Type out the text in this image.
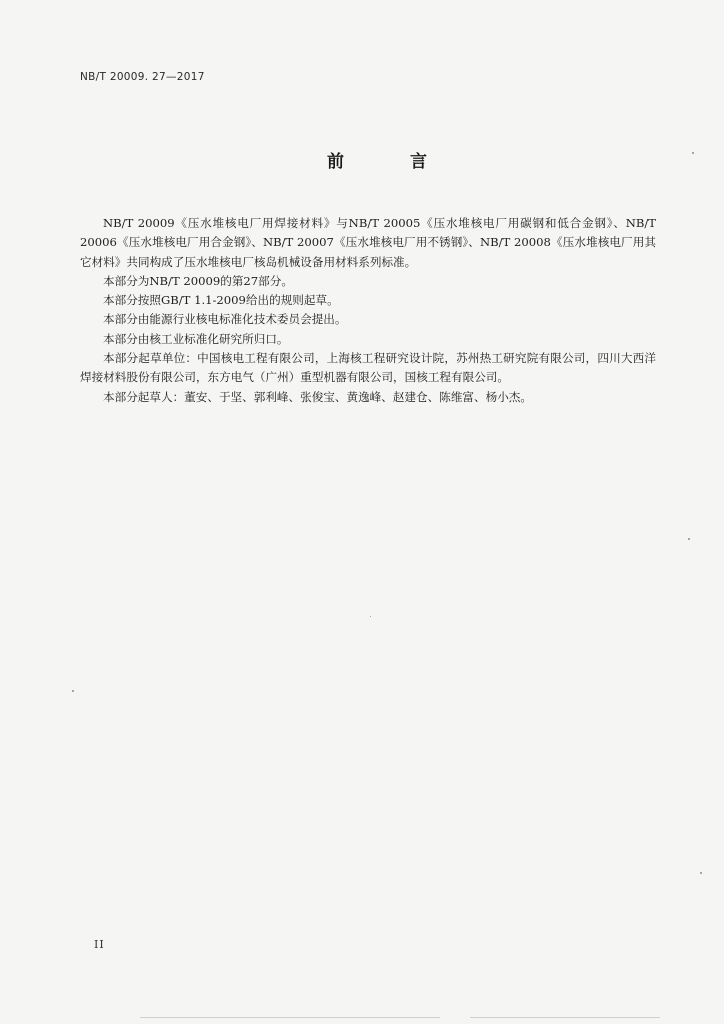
NB/T 20009. 27—2017
前 言

NB/T 20009《压水堆核电厂用焊接材料》与NB/T 20005《压水堆核电厂用碳钢和低合金钢》、NB/T 20006《压水堆核电厂用合金钢》、NB/T 20007《压水堆核电厂用不锈钢》、NB/T 20008《压水堆核电厂用其它材料》共同构成了压水堆核电厂核岛机械设备用材料系列标准。

本部分为NB/T 20009的第27部分。

本部分按照GB/T 1.1-2009给出的规则起草。

本部分由能源行业核电标准化技术委员会提出。

本部分由核工业标准化研究所归口。

本部分起草单位：中国核电工程有限公司，上海核工程研究设计院，苏州热工研究院有限公司，四川大西洋焊接材料股份有限公司，东方电气（广州）重型机器有限公司，国核工程有限公司。

本部分起草人：董安、于坚、郭利峰、张俊宝、黄逸峰、赵建仓、陈维富、杨小杰。

II
